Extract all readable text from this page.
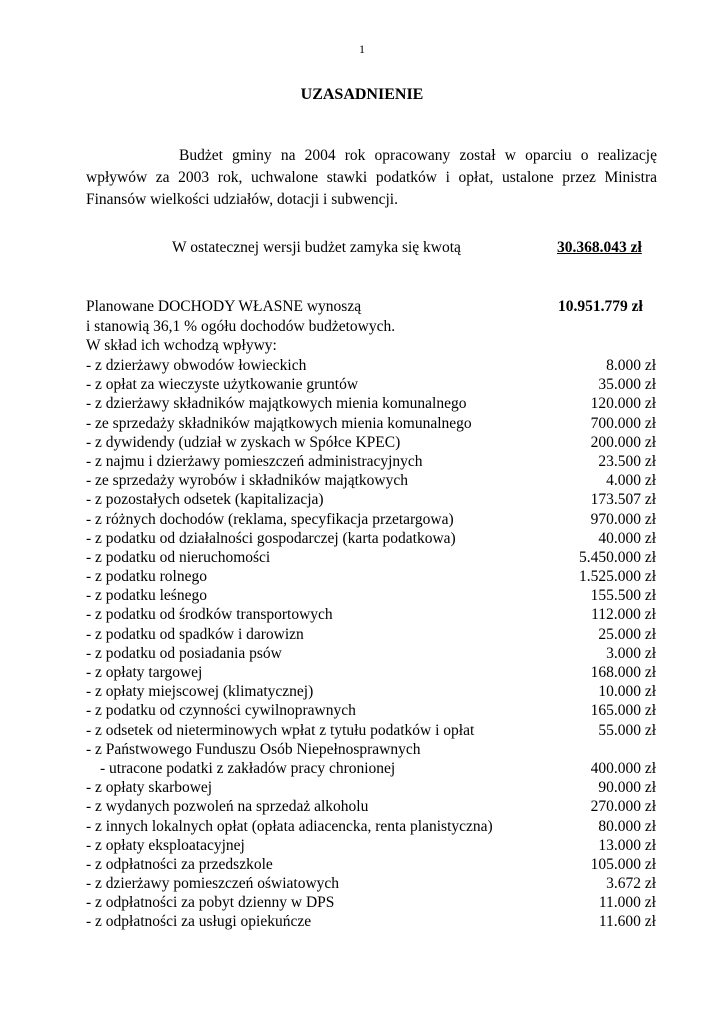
1
UZASADNIENIE

Budżet gminy na 2004 rok opracowany został w oparciu o realizację wpływów za 2003 rok, uchwalone stawki podatków i opłat, ustalone przez Ministra Finansów wielkości udziałów, dotacji i subwencji.

W ostatecznej wersji budżet zamyka się kwotą	30.368.043 zł
Planowane DOCHODY WŁASNE wynoszą	10.951.779 zł
i stanowią 36,1 % ogółu dochodów budżetowych.
W skład ich wchodzą wpływy:
- z dzierżawy obwodów łowieckich	8.000 zł
- z opłat za wieczyste użytkowanie gruntów	35.000 zł
- z dzierżawy składników majątkowych mienia komunalnego	120.000 zł
- ze sprzedaży składników majątkowych mienia komunalnego	700.000 zł
- z dywidendy (udział w zyskach w Spółce KPEC)	200.000 zł
- z najmu i dzierżawy pomieszczeń administracyjnych	23.500 zł
- ze sprzedaży wyrobów i składników majątkowych	4.000 zł
- z pozostałych odsetek (kapitalizacja)	173.507 zł
- z różnych dochodów (reklama, specyfikacja przetargowa)	970.000 zł
- z podatku od działalności gospodarczej (karta podatkowa)	40.000 zł
- z podatku od nieruchomości	5.450.000 zł
- z podatku rolnego	1.525.000 zł
- z podatku leśnego	155.500 zł
- z podatku od środków transportowych	112.000 zł
- z podatku od spadków i darowizn	25.000 zł
- z podatku od posiadania psów	3.000 zł
- z opłaty targowej	168.000 zł
- z opłaty miejscowej (klimatycznej)	10.000 zł
- z podatku od czynności cywilnoprawnych	165.000 zł
- z odsetek od nieterminowych wpłat z tytułu podatków i opłat	55.000 zł
- z Państwowego Funduszu Osób Niepełnosprawnych
- utracone podatki z zakładów pracy chronionej	400.000 zł
- z opłaty skarbowej	90.000 zł
- z wydanych pozwoleń na sprzedaż alkoholu	270.000 zł
- z innych lokalnych opłat (opłata adiacencka, renta planistyczna)	80.000 zł
- z opłaty eksploatacyjnej	13.000 zł
- z odpłatności za przedszkole	105.000 zł
- z dzierżawy pomieszczeń oświatowych	3.672 zł
- z odpłatności za pobyt dzienny w DPS	11.000 zł
- z odpłatności za usługi opiekuńcze	11.600 zł
